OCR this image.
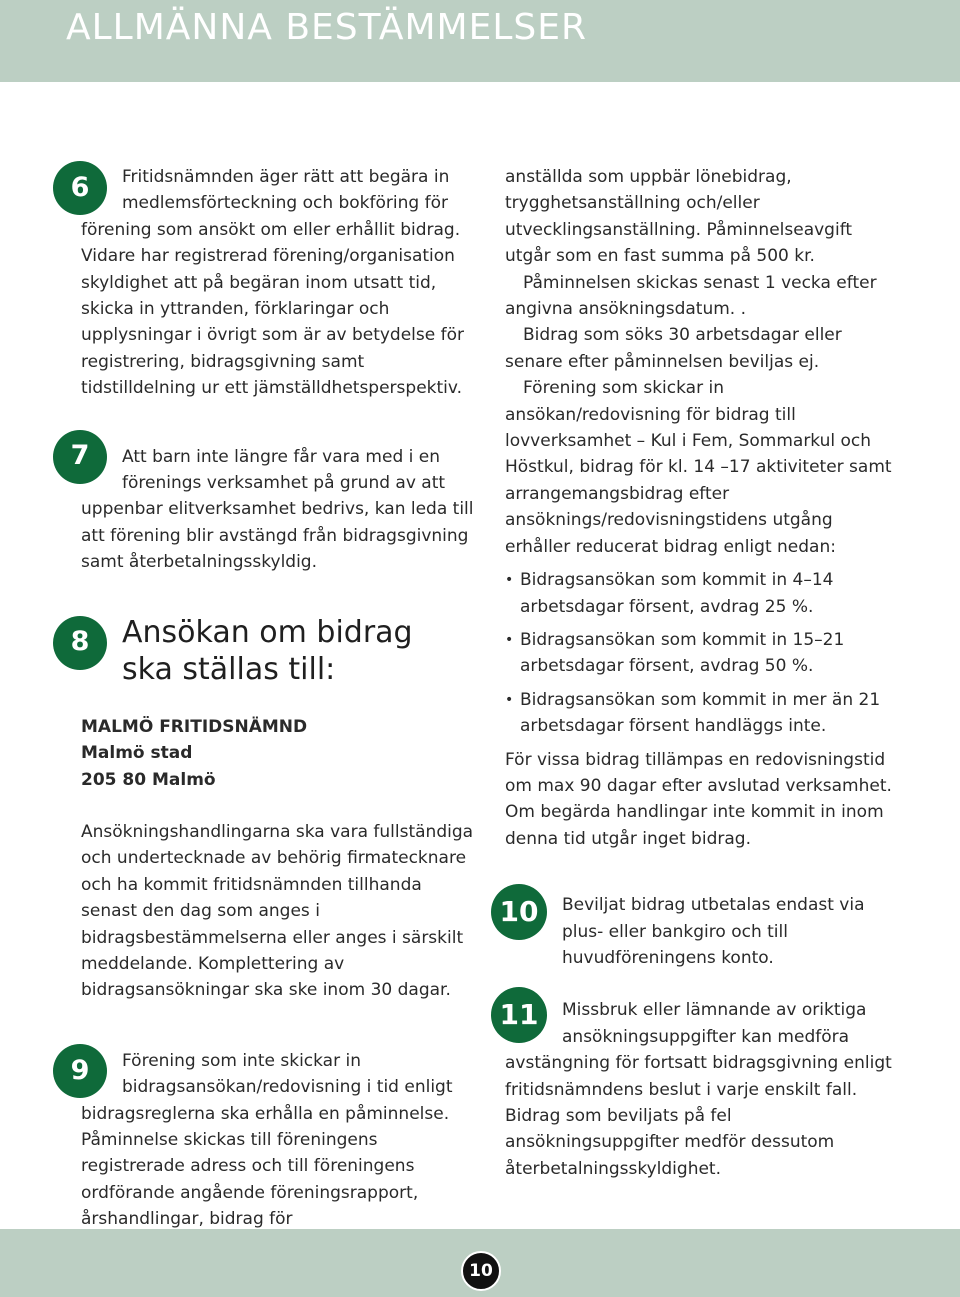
ALLMÄNNA BESTÄMMELSER
6	Fritidsnämnden äger rätt att begära in medlemsförteckning och bokföring för förening som ansökt om eller erhållit bidrag. Vidare har registrerad förening/organisation skyldighet att på begäran inom utsatt tid, skicka in yttranden, förklaringar och upplysningar i övrigt som är av betydelse för registrering, bidragsgivning samt tidstilldelning ur ett jämställdhetsperspektiv.

7	Att barn inte längre får vara med i en förenings verksamhet på grund av att uppenbar elitverksamhet bedrivs, kan leda till att förening blir avstängd från bidragsgivning samt återbetalningsskyldig.

8	Ansökan om bidrag
ska ställas till:

MALMÖ FRITIDSNÄMND

Malmö stad

205 80 Malmö

Ansökningshandlingarna ska vara fullständiga och undertecknade av behörig firmatecknare och ha kommit fritidsnämnden tillhanda senast den dag som anges i bidragsbestämmelserna eller anges i särskilt meddelande. Komplettering av bidragsansökningar ska ske inom 30 dagar.

9	Förening som inte skickar in bidragsansökan/redovisning i tid enligt bidragsreglerna ska erhålla en påminnelse. Påminnelse skickas till föreningens registrerade adress och till föreningens ordförande angående föreningsrapport, årshandlingar, bidrag för

anställda som uppbär lönebidrag, trygghetsanställning och/eller utvecklingsanställning. Påminnelseavgift utgår som en fast summa på 500 kr.

Påminnelsen skickas senast 1 vecka efter angivna ansökningsdatum. .

Bidrag som söks 30 arbetsdagar eller senare efter påminnelsen beviljas ej.

Förening som skickar in ansökan/redovisning för bidrag till lovverksamhet – Kul i Fem, Sommarkul och Höstkul, bidrag för kl. 14 –17 aktiviteter samt arrangemangsbidrag efter ansöknings/redovisningstidens utgång erhåller reducerat bidrag enligt nedan:

• Bidragsansökan som kommit in 4–14 arbetsdagar försent, avdrag 25 %.
• Bidragsansökan som kommit in 15–21 arbetsdagar försent, avdrag 50 %.
• Bidragsansökan som kommit in mer än 21 arbetsdagar försent handläggs inte.

För vissa bidrag tillämpas en redovisningstid om max 90 dagar efter avslutad verksamhet. Om begärda handlingar inte kommit in inom denna tid utgår inget bidrag.

10	Beviljat bidrag utbetalas endast via plus- eller bankgiro och till huvudföreningens konto.

11	Missbruk eller lämnande av oriktiga ansökningsuppgifter kan medföra avstängning för fortsatt bidragsgivning enligt fritidsnämndens beslut i varje enskilt fall. Bidrag som beviljats på fel ansökningsuppgifter medför dessutom återbetalningsskyldighet.

10
